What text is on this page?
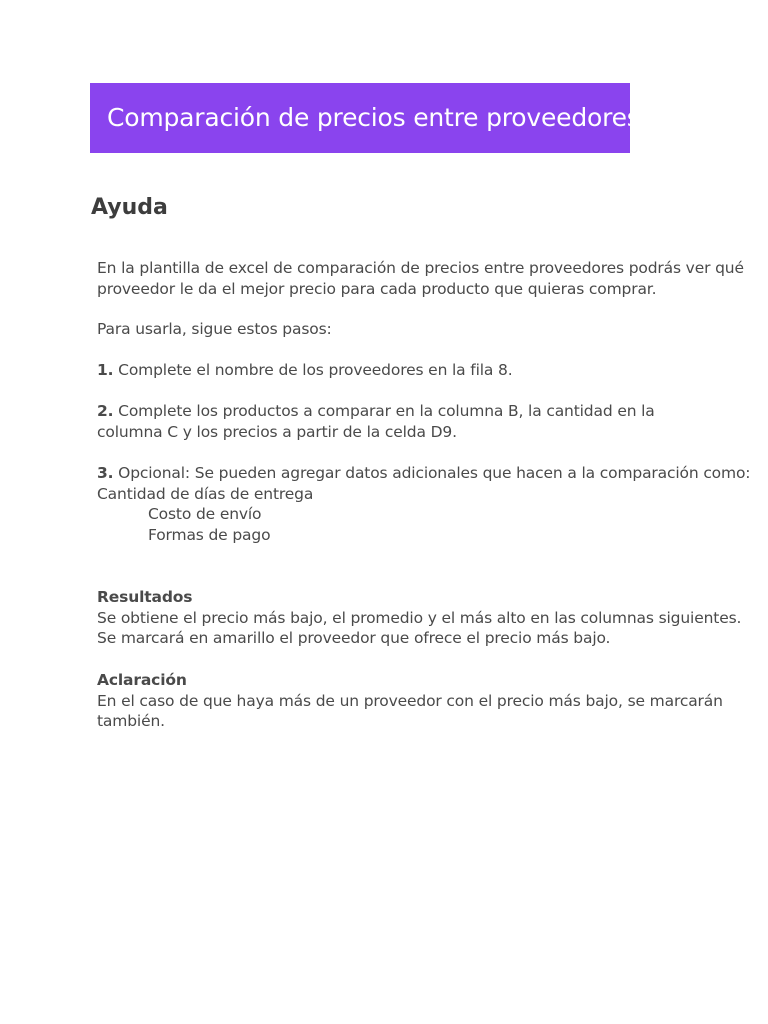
Comparación de precios entre proveedores
Ayuda
En la plantilla de excel de comparación de precios entre proveedores podrás ver qué
proveedor le da el mejor precio para cada producto que quieras comprar.
Para usarla, sigue estos pasos:
1. Complete el nombre de los proveedores en la fila 8.
2. Complete los productos a comparar en la columna B, la cantidad en la
columna C y los precios a partir de la celda D9.
3. Opcional: Se pueden agregar datos adicionales que hacen a la comparación como:
Cantidad de días de entrega
Costo de envío
Formas de pago
Resultados
Se obtiene el precio más bajo, el promedio y el más alto en las columnas siguientes.
Se marcará en amarillo el proveedor que ofrece el precio más bajo.
Aclaración
En el caso de que haya más de un proveedor con el precio más bajo, se marcarán
también.
